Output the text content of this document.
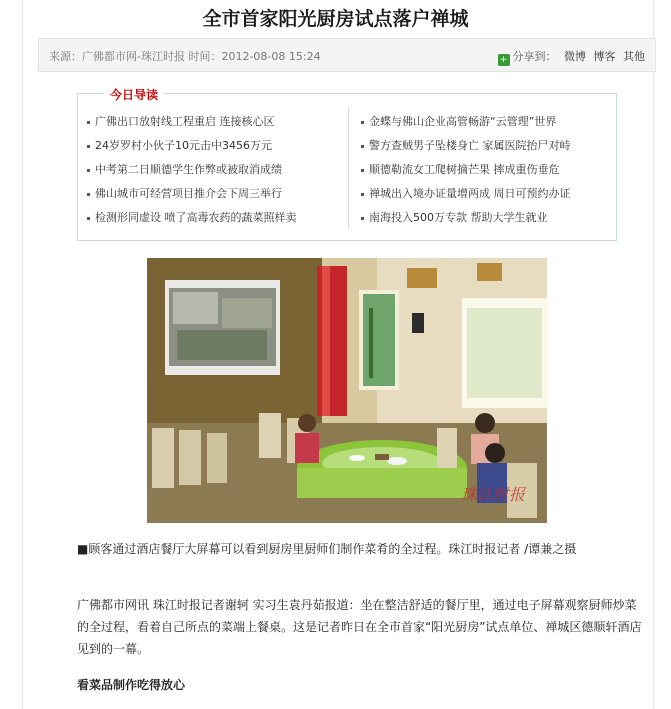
全市首家阳光厨房试点落户禅城
来源：广佛都市网-珠江时报 时间：2012-08-08 15:24	+ 分享到： 微博 博客 其他
今日导读
广佛出口放射线工程重启 连接核心区
24岁罗村小伙子10元击中3456万元
中考第二日顺德学生作弊或被取消成绩
佛山城市可经营项目推介会下周三举行
检测形同虚设 喷了高毒农药的蔬菜照样卖
金蝶与佛山企业高管畅游“云管理”世界
警方查贼男子坠楼身亡 家属医院抬尸对峙
顺德勒流女工爬树摘芒果 摔成重伤垂危
禅城出入境办证量增两成 周日可预约办证
南海投入500万专款 帮助大学生就业
珠江时报
■顾客通过酒店餐厅大屏幕可以看到厨房里厨师们制作菜肴的全过程。珠江时报记者 /谭兼之摄
广佛都市网讯 珠江时报记者谢轲 实习生袁丹茹报道：坐在整洁舒适的餐厅里，通过电子屏幕观察厨师炒菜的全过程，看着自己所点的菜端上餐桌。这是记者昨日在全市首家“阳光厨房”试点单位、禅城区德顺轩酒店见到的一幕。
看菜品制作吃得放心
